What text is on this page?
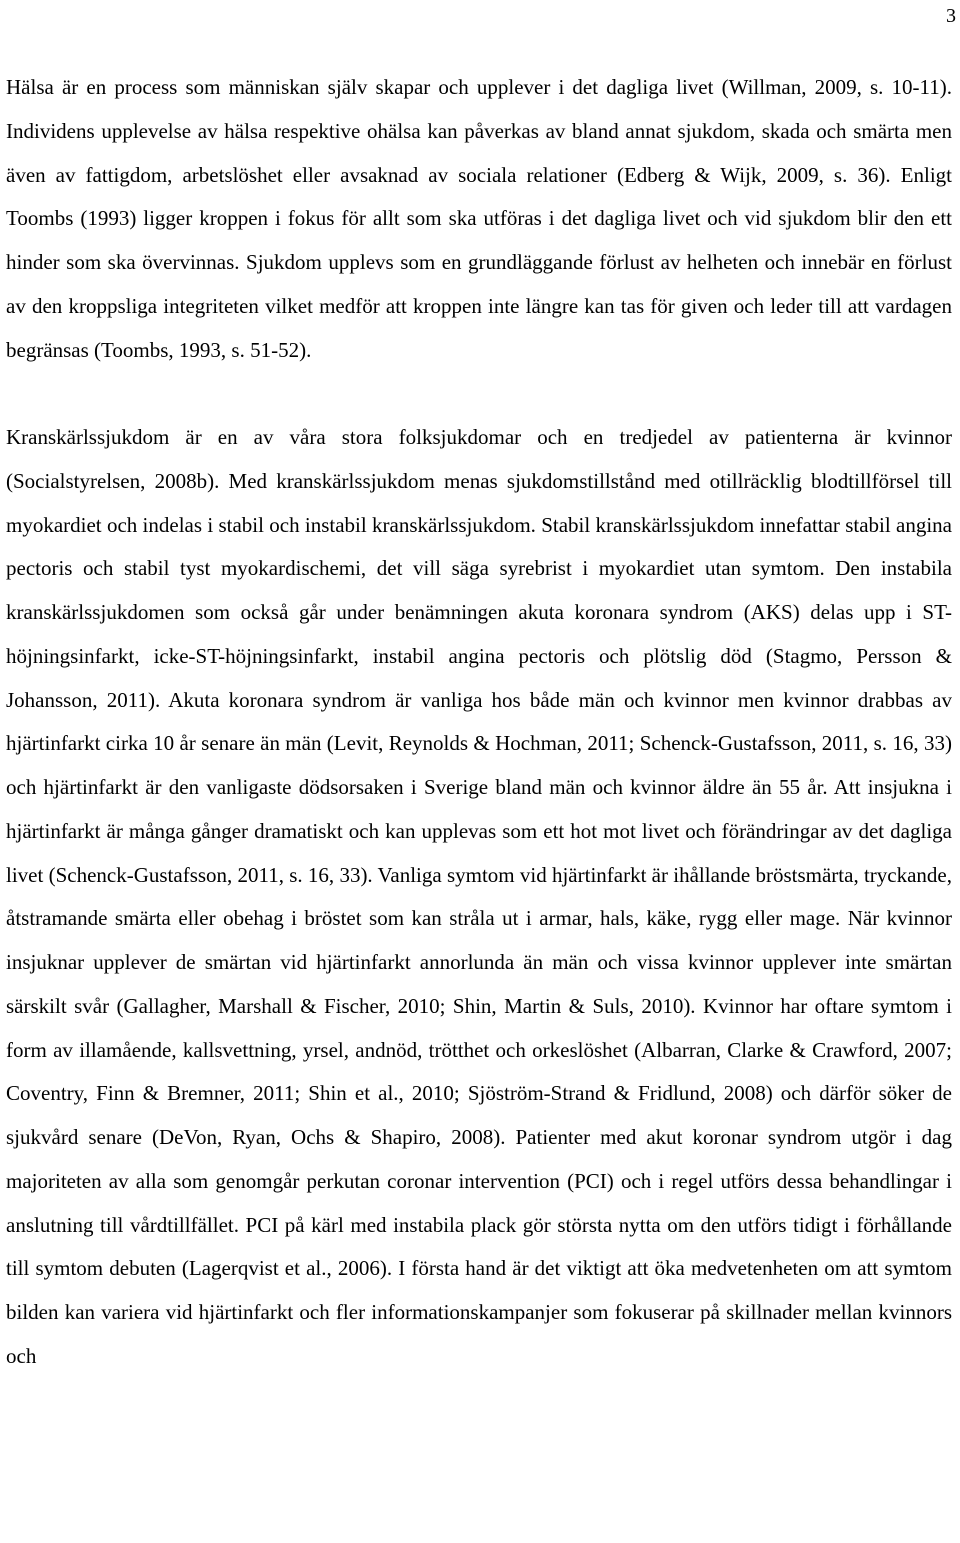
3

Hälsa är en process som människan själv skapar och upplever i det dagliga livet (Willman, 2009, s. 10-11). Individens upplevelse av hälsa respektive ohälsa kan påverkas av bland annat sjukdom, skada och smärta men även av fattigdom, arbetslöshet eller avsaknad av sociala relationer (Edberg & Wijk, 2009, s. 36). Enligt Toombs (1993) ligger kroppen i fokus för allt som ska utföras i det dagliga livet och vid sjukdom blir den ett hinder som ska övervinnas. Sjukdom upplevs som en grundläggande förlust av helheten och innebär en förlust av den kroppsliga integriteten vilket medför att kroppen inte längre kan tas för given och leder till att vardagen begränsas (Toombs, 1993, s. 51-52).

Kranskärlssjukdom är en av våra stora folksjukdomar och en tredjedel av patienterna är kvinnor (Socialstyrelsen, 2008b). Med kranskärlssjukdom menas sjukdomstillstånd med otillräcklig blodtillförsel till myokardiet och indelas i stabil och instabil kranskärlssjukdom. Stabil kranskärlssjukdom innefattar stabil angina pectoris och stabil tyst myokardischemi, det vill säga syrebrist i myokardiet utan symtom. Den instabila kranskärlssjukdomen som också går under benämningen akuta koronara syndrom (AKS) delas upp i ST-höjningsinfarkt, icke-ST-höjningsinfarkt, instabil angina pectoris och plötslig död (Stagmo, Persson & Johansson, 2011). Akuta koronara syndrom är vanliga hos både män och kvinnor men kvinnor drabbas av hjärtinfarkt cirka 10 år senare än män (Levit, Reynolds & Hochman, 2011; Schenck-Gustafsson, 2011, s. 16, 33) och hjärtinfarkt är den vanligaste dödsorsaken i Sverige bland män och kvinnor äldre än 55 år. Att insjukna i hjärtinfarkt är många gånger dramatiskt och kan upplevas som ett hot mot livet och förändringar av det dagliga livet (Schenck-Gustafsson, 2011, s. 16, 33). Vanliga symtom vid hjärtinfarkt är ihållande bröstsmärta, tryckande, åtstramande smärta eller obehag i bröstet som kan stråla ut i armar, hals, käke, rygg eller mage. När kvinnor insjuknar upplever de smärtan vid hjärtinfarkt annorlunda än män och vissa kvinnor upplever inte smärtan särskilt svår (Gallagher, Marshall & Fischer, 2010; Shin, Martin & Suls, 2010). Kvinnor har oftare symtom i form av illamående, kallsvettning, yrsel, andnöd, trötthet och orkeslöshet (Albarran, Clarke & Crawford, 2007; Coventry, Finn & Bremner, 2011; Shin et al., 2010; Sjöström-Strand & Fridlund, 2008) och därför söker de sjukvård senare (DeVon, Ryan, Ochs & Shapiro, 2008). Patienter med akut koronar syndrom utgör i dag majoriteten av alla som genomgår perkutan coronar intervention (PCI) och i regel utförs dessa behandlingar i anslutning till vårdtillfället. PCI på kärl med instabila plack gör största nytta om den utförs tidigt i förhållande till symtom debuten (Lagerqvist et al., 2006). I första hand är det viktigt att öka medvetenheten om att symtom bilden kan variera vid hjärtinfarkt och fler informationskampanjer som fokuserar på skillnader mellan kvinnors och
